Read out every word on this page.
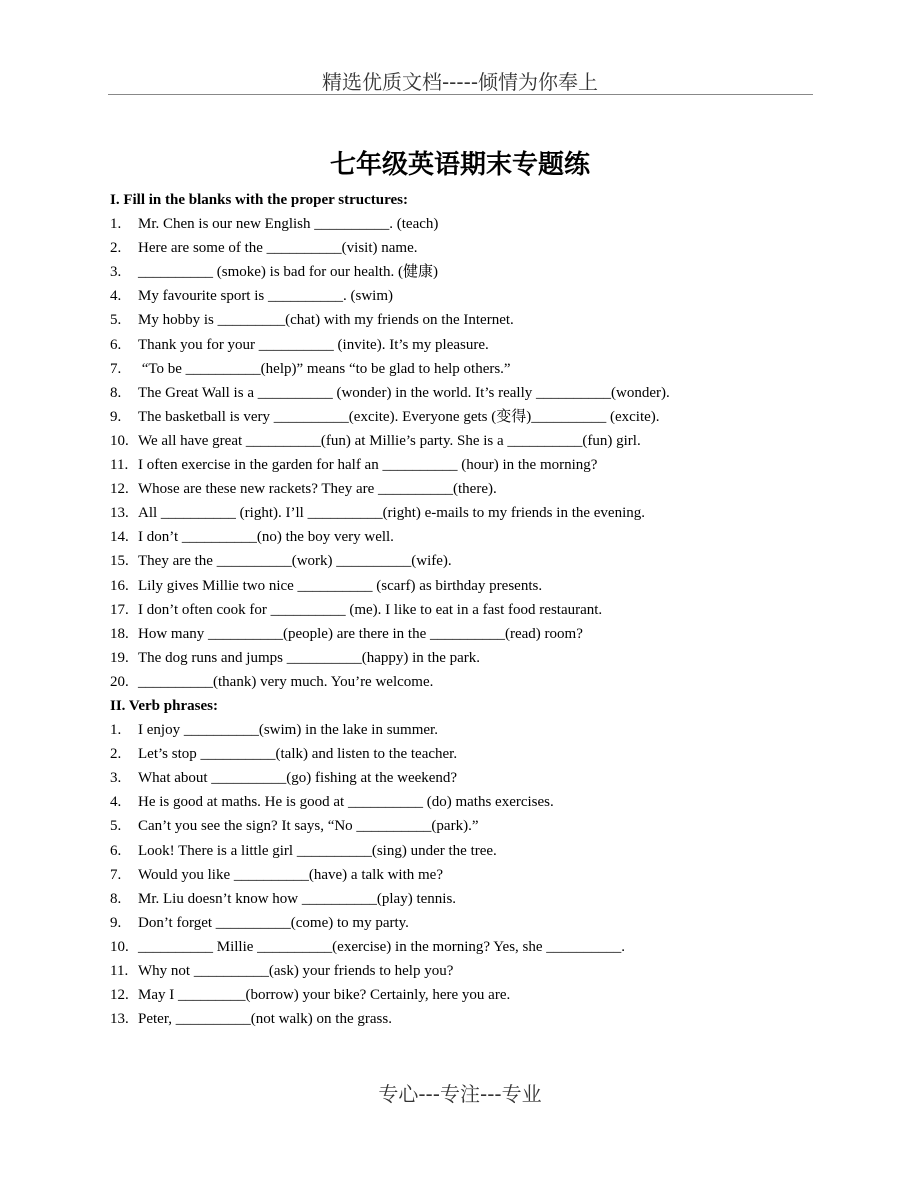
精选优质文档-----倾情为你奉上
七年级英语期末专题练
I. Fill in the blanks with the proper structures:
1. Mr. Chen is our new English __________. (teach)
2. Here are some of the __________(visit) name.
3. __________ (smoke) is bad for our health. (健康)
4. My favourite sport is __________. (swim)
5. My hobby is _________(chat) with my friends on the Internet.
6. Thank you for your __________ (invite). It’s my pleasure.
7. “To be __________(help)” means “to be glad to help others.”
8. The Great Wall is a __________ (wonder) in the world. It’s really __________(wonder).
9. The basketball is very __________(excite). Everyone gets (变得)__________ (excite).
10. We all have great __________(fun) at Millie’s party. She is a __________(fun) girl.
11. I often exercise in the garden for half an __________ (hour) in the morning?
12. Whose are these new rackets? They are __________(there).
13. All __________ (right). I’ll __________(right) e-mails to my friends in the evening.
14. I don’t __________(no) the boy very well.
15. They are the __________(work) __________(wife).
16. Lily gives Millie two nice __________ (scarf) as birthday presents.
17. I don’t often cook for __________ (me). I like to eat in a fast food restaurant.
18. How many __________(people) are there in the __________(read) room?
19. The dog runs and jumps __________(happy) in the park.
20. __________(thank) very much. You’re welcome.
II. Verb phrases:
1. I enjoy __________(swim) in the lake in summer.
2. Let’s stop __________(talk) and listen to the teacher.
3. What about __________(go) fishing at the weekend?
4. He is good at maths. He is good at __________ (do) maths exercises.
5. Can’t you see the sign? It says, “No __________(park).”
6. Look! There is a little girl __________(sing) under the tree.
7. Would you like __________(have) a talk with me?
8. Mr. Liu doesn’t know how __________(play) tennis.
9. Don’t forget __________(come) to my party.
10. __________ Millie __________(exercise) in the morning? Yes, she __________.
11. Why not __________(ask) your friends to help you?
12. May I _________(borrow) your bike? Certainly, here you are.
13. Peter, __________(not walk) on the grass.
专心---专注---专业
